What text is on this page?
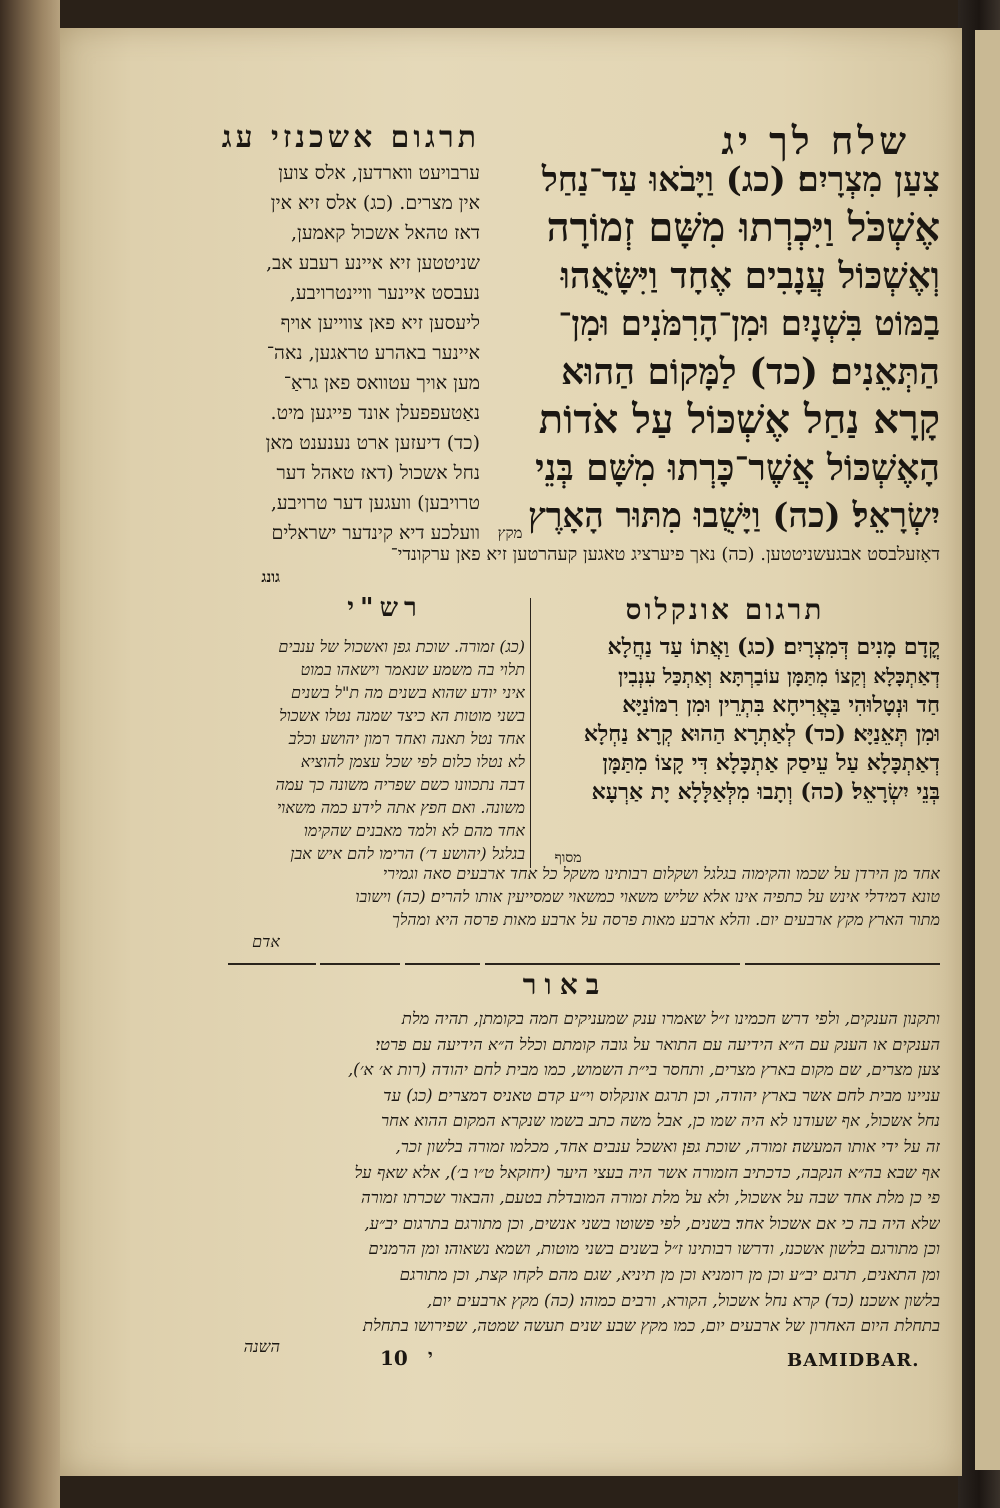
שלח לך יג
תרגום אשכנזי עג
צִעַן מִצְרָיִם׃ (כג) וַיָּבֹאוּ עַד־נַחַל
אֶשְׁכֹּל וַיִּכְרְתוּ מִשָּׁם זְמוֹרָה
וְאֶשְׁכּוֹל עֲנָבִים אֶחָד וַיִּשָּׂאֻהוּ
בַמּוֹט בִּשְׁנָיִם וּמִן־הָרִמֹּנִים וּמִן־
הַתְּאֵנִים׃ (כד) לַמָּקוֹם הַהוּא
קָרָא נַחַל אֶשְׁכּוֹל עַל אֹדוֹת
הָאֶשְׁכּוֹל אֲשֶׁר־כָּרְתוּ מִשָּׁם בְּנֵי
יִשְׂרָאֵל׃ (כה) וַיָּשֻׁבוּ מִתּוּר הָאָרֶץ
מקץ
ערבויעט װארדען, אלס צוען
אין מצרים. (כג) אלס זיא אין
דאז טהאל אשכול קאמען,
שניטטען זיא איינע רעבע אב,
נעבסט איינער װיינטרויבע,
ליעסען זיא פאן צווייען אויף
איינער באהרע טראגען, נאה־
מען אויך עטוואס פאן גראַ־
נאַטעפפעלן אונד פייגען מיט.
(כד) דיעזען ארט נענענט מאן
נחל אשכול (דאז טאהל דער
טרויבען) וועגען דער טרויבע,
וועלכע דיא קינדער ישראלים
דאָזעלבסט אבגעשניטטען. (כה) נאך פיערציג טאגען קעהרטען זיא פאן ערקונדי־
גונג
תרגום אונקלוס
קֳדָם מָנִים דְּמִצְרָיִם׃ (כג) וַאֲתוֹ עַד נַחֲלָא
דְאַתְכָּלָא וְקַצוֹ מִתַּמָּן עוֹבַרְתָּא וְאַתְכַּל עִנְבִין
חַד וּנְטָלוּהִי בַּאֲרִיחָא בִּתְרֵין וּמִן רִמּוֹנַיָּא
וּמִן תְּאֵנַיָּא׃ (כד) לְאַתְרָא הַהוּא קְרָא נַחְלָא
דְאַתְכָּלָא עַל עֵיסַק אַתְכָּלָא דִּי קָצוֹ מִתַּמָּן
בְּנֵי יִשְׂרָאֵל׃ (כה) וְתָבוּ מִלְּאַלָּלָא יָת אַרְעָא
מסוף
רש"י
(כג) זמורה. שוכת גפן ואשכול של ענבים
תלוי בה משמע שנאמר וישאהו במוט
איני יודע שהוא בשנים מה ת"ל בשנים
בשני מוטות הא כיצד שמנה נטלו אשכול
אחד נטל תאנה ואחד רמון יהושע וכלב
לא נטלו כלום לפי שכל עצמן להוציא
דבה נתכוונו כשם שפריה משונה כך עמה
משונה. ואם חפץ אתה לידע כמה משאוי
אחד מהם לא ולמד מאבנים שהקימו
בגלגל (יהושע ד׳) הרימו להם איש אבן
אחד מן הירדן על שכמו והקימוה בגלגל ושקלום רבותינו משקל כל אחד ארבעים סאה וגמירי
טונא דמידלי אינש על כתפיה אינו אלא שליש משאוי כמשאוי שמסייעין אותו להרים׃ (כה) וישובו
מתור הארץ מקץ ארבעים יום. והלא ארבע מאות פרסה על ארבע מאות פרסה היא ומהלך
אדם
באור
ותקנון הענקים, ולפי דרש חכמינו ז״ל שאמרו ענק שמעניקים חמה בקומתן, תהיה מלת
הענקים או הענק עם ה״א הידיעה עם התואר על גובה קומתם וכלל ה״א הידיעה עם פרטי׃
צען מצרים, שם מקום בארץ מצרים, ותחסר בי״ת השמוש, כמו מבית לחם יהודה (רות א׳ א׳),
עניינו מבית לחם אשר בארץ יהודה, וכן תרגם אונקלוס וי״ע קדם טאניס דמצרים׃ (כג) עד
נחל אשכול, אף שעודנו לא היה שמו כן, אבל משה כתב בשמו שנקרא המקום ההוא אחר
זה על ידי אותו המעשה׃ זמורה, שוכת גפן׃ ואשכל ענבים אחד, מכלמו זמורה בלשון זכר,
אף שבא בה״א הנקבה, כדכתיב הזמורה אשר היה בעצי היער (יחזקאל ט״ו ב׳), אלא שאף על
פי כן מלת אחד שבה על אשכול, ולא על מלת זמורה המובדלת בטעם, והבאור שכרתו זמורה
שלא היה בה כי אם אשכול אחד׃ בשנים, לפי פשוטו בשני אנשים, וכן מתורגם בתרגום יב״ע,
וכן מתורגם בלשון אשכנז, ודרשו רבותינו ז״ל בשנים בשני מוטות, ושמא נשאוהו׃ ומן הרמנים
ומן התאנים, תרגם יב״ע וכן מן רומניא וכן מן תיניא, שגם מהם לקחו קצת, וכן מתורגם
בלשון אשכנז׃ (כד) קרא נחל אשכול, הקורא, ורבים כמוהו׃ (כה) מקץ ארבעים יום,
בתחלת היום האחרון של ארבעים יום, כמו מקץ שבע שנים תעשה שמטה, שפירושו בתחלת
השנה	10 י	BAMIDBAR.
